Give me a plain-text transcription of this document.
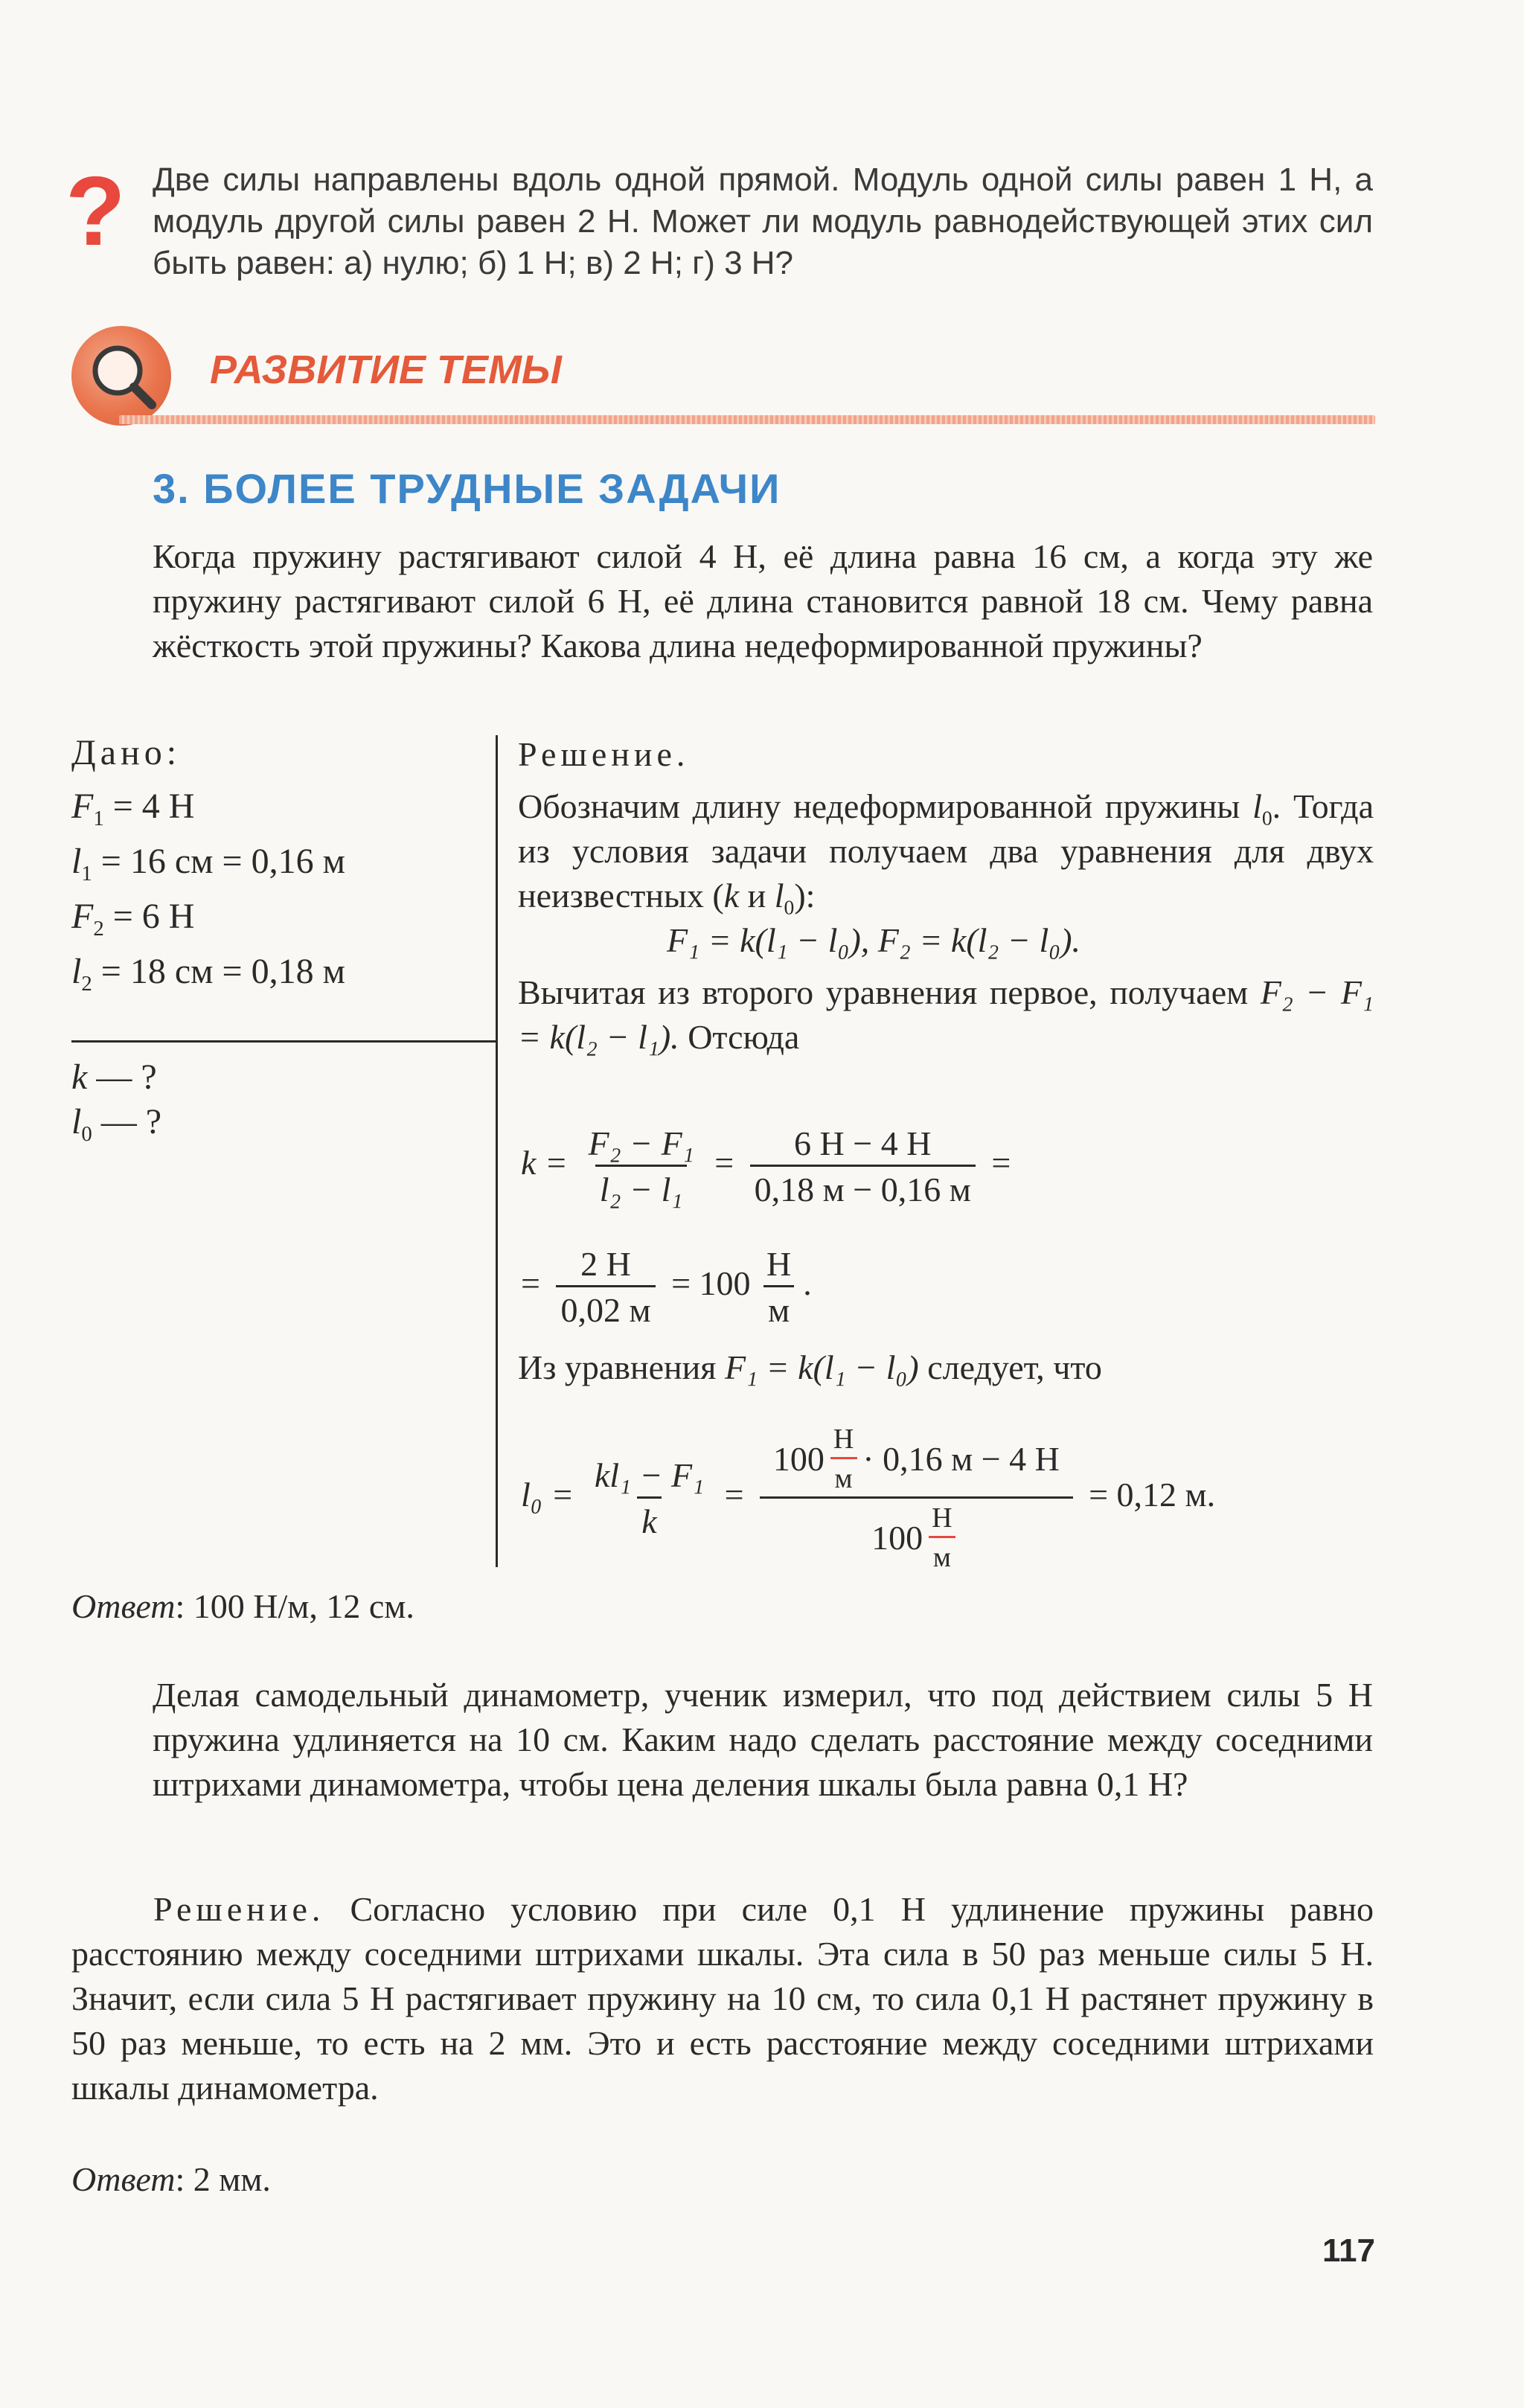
? Две силы направлены вдоль одной прямой. Модуль одной силы равен 1 Н, а модуль другой силы равен 2 Н. Может ли модуль равнодействующей этих сил быть равен: а) нулю; б) 1 Н; в) 2 Н; г) 3 Н?
РАЗВИТИЕ ТЕМЫ
3. БОЛЕЕ ТРУДНЫЕ ЗАДАЧИ
Когда пружину растягивают силой 4 Н, её длина равна 16 см, а когда эту же пружину растягивают силой 6 Н, её длина становится равной 18 см. Чему равна жёсткость этой пружины? Какова длина недеформированной пружины?
Дано:
$F_1 = 4$ Н
$l_1 = 16$ см = 0,16 м
$F_2 = 6$ Н
$l_2 = 18$ см = 0,18 м
k — ?
$l_0$ — ?
Решение.
Обозначим длину недеформированной пружины $l_0$. Тогда из условия задачи получаем два уравнения для двух неизвестных (k и $l_0$):
F₁ = k(l₁ − l₀), F₂ = k(l₂ − l₀).
Вычитая из второго уравнения первое, получаем F₂ − F₁ = k(l₂ − l₁). Отсюда
$k = \frac{\text{F₂ − F₁}}{\text{l₂ − l₁}} = \frac{6 Н - 4 Н}{0,18 м - 0,16 м}$ =
= $\frac{2 Н}{0,02 м} = 100 \frac{Н}{м}$ .
Из уравнения F₁ = k(l₁ − l₀) следует, что
$l_0 = \frac{\text{kl₁ − F₁}}{k} = \frac{100 \frac{Н}{м} \cdot 0,16 м - 4 Н}{100 \frac{Н}{м}} = 0,12$ м.
Ответ: 100 Н/м, 12 см.
Делая самодельный динамометр, ученик измерил, что под действием силы 5 Н пружина удлиняется на 10 см. Каким надо сделать расстояние между соседними штрихами динамометра, чтобы цена деления шкалы была равна 0,1 Н?
Решение. Согласно условию при силе 0,1 Н удлинение пружины равно расстоянию между соседними штрихами шкалы. Эта сила в 50 раз меньше силы 5 Н. Значит, если сила 5 Н растягивает пружину на 10 см, то сила 0,1 Н растянет пружину в 50 раз меньше, то есть на 2 мм. Это и есть расстояние между соседними штрихами шкалы динамометра.
Ответ: 2 мм.
117
